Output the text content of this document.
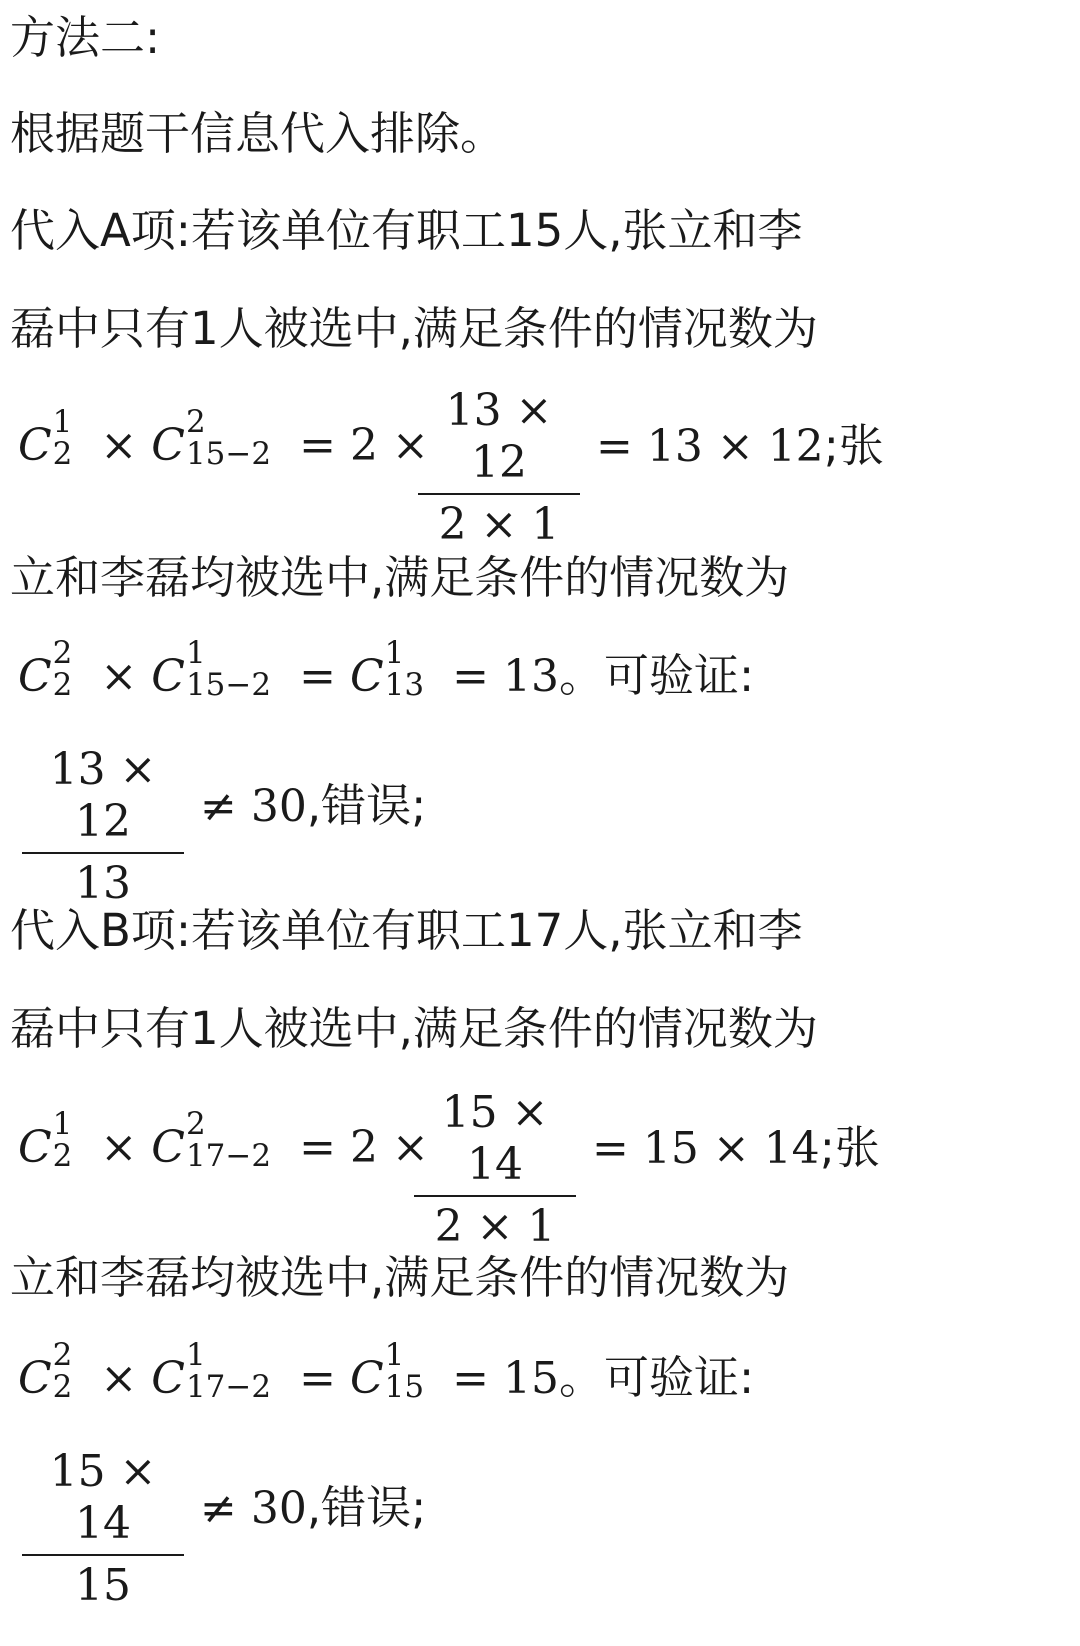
方法二:
根据题干信息代入排除。
代入A项:若该单位有职工15人,张立和李
磊中只有1人被选中,满足条件的情况数为
C 1
2 × C 2
15−2 = 2 ×
13 × 12
2 × 1
= 13 × 12;张
立和李磊均被选中,满足条件的情况数为
C 2
2 × C 1
15−2 = C 1
13 = 13。可验证:
13 × 12
13
≠ 30,错误;
代入B项:若该单位有职工17人,张立和李
磊中只有1人被选中,满足条件的情况数为
C 1
2 × C 2
17−2 = 2 ×
15 × 14
2 × 1
= 15 × 14;张
立和李磊均被选中,满足条件的情况数为
C 2
2 × C 1
17−2 = C 1
15 = 15。可验证:
15 × 14
15
≠ 30,错误;
